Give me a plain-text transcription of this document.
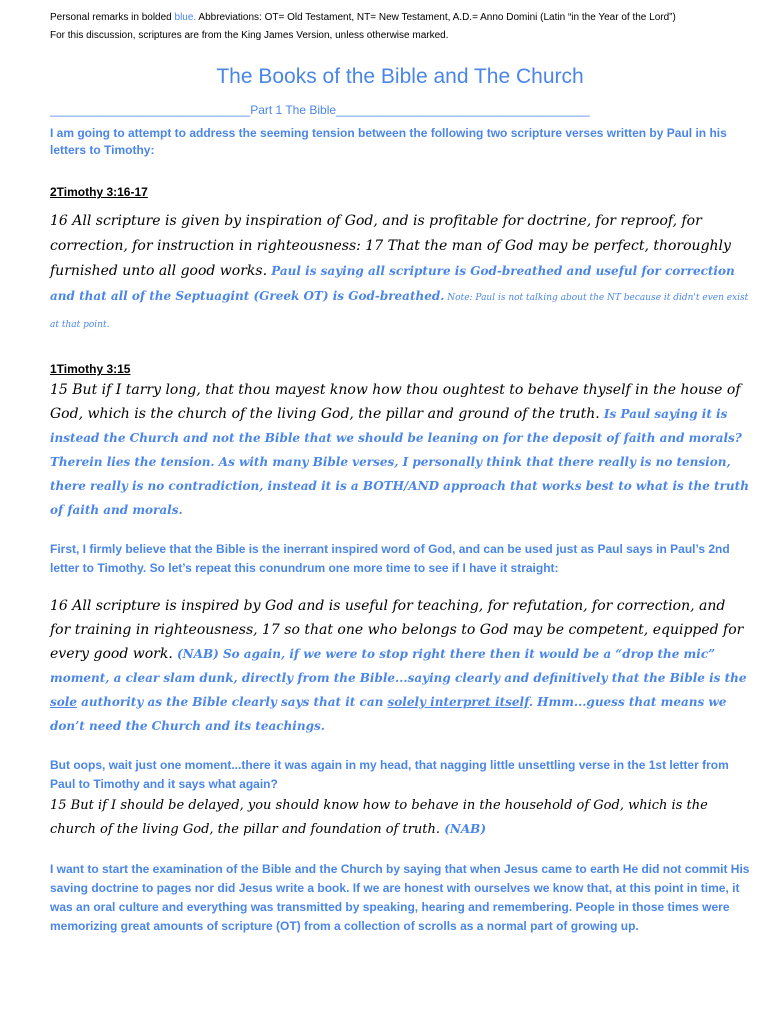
Personal remarks in bolded blue. Abbreviations: OT= Old Testament, NT= New Testament, A.D.= Anno Domini (Latin “in the Year of the Lord”)

For this discussion, scriptures are from the King James Version, unless otherwise marked.

The Books of the Bible and The Church
______________________________Part 1 The Bible______________________________________

I am going to attempt to address the seeming tension between the following two scripture verses written by Paul in his letters to Timothy:

2Timothy 3:16-17

16 All scripture is given by inspiration of God, and is profitable for doctrine, for reproof, for correction, for instruction in righteousness: 17 That the man of God may be perfect, thoroughly furnished unto all good works. Paul is saying all scripture is God-breathed and useful for correction and that all of the Septuagint (Greek OT) is God-breathed. Note: Paul is not talking about the NT because it didn't even exist at that point.

1Timothy 3:15

15 But if I tarry long, that thou mayest know how thou oughtest to behave thyself in the house of God, which is the church of the living God, the pillar and ground of the truth. Is Paul saying it is instead the Church and not the Bible that we should be leaning on for the deposit of faith and morals? Therein lies the tension. As with many Bible verses, I personally think that there really is no tension, there really is no contradiction, instead it is a BOTH/AND approach that works best to what is the truth of faith and morals.

First, I firmly believe that the Bible is the inerrant inspired word of God, and can be used just as Paul says in Paul’s 2nd letter to Timothy. So let’s repeat this conundrum one more time to see if I have it straight:

16 All scripture is inspired by God and is useful for teaching, for refutation, for correction, and for training in righteousness, 17 so that one who belongs to God may be competent, equipped for every good work. (NAB) So again, if we were to stop right there then it would be a “drop the mic” moment, a clear slam dunk, directly from the Bible...saying clearly and definitively that the Bible is the sole authority as the Bible clearly says that it can solely interpret itself. Hmm...guess that means we don’t need the Church and its teachings.

But oops, wait just one moment...there it was again in my head, that nagging little unsettling verse in the 1st letter from Paul to Timothy and it says what again?

15 But if I should be delayed, you should know how to behave in the household of God, which is the church of the living God, the pillar and foundation of truth. (NAB)

I want to start the examination of the Bible and the Church by saying that when Jesus came to earth He did not commit His saving doctrine to pages nor did Jesus write a book. If we are honest with ourselves we know that, at this point in time, it was an oral culture and everything was transmitted by speaking, hearing and remembering. People in those times were memorizing great amounts of scripture (OT) from a collection of scrolls as a normal part of growing up.
